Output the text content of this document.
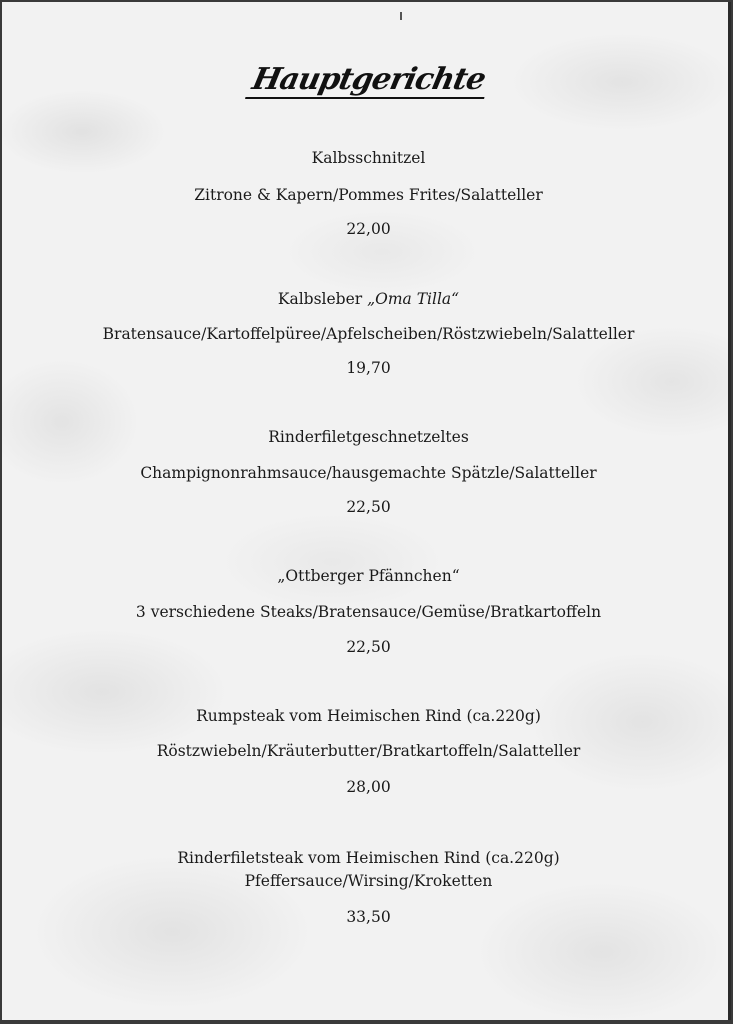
Hauptgerichte
Kalbsschnitzel
Zitrone & Kapern/Pommes Frites/Salatteller
22,00
Kalbsleber „Oma Tilla“
Bratensauce/Kartoffelpüree/Apfelscheiben/Röstzwiebeln/Salatteller
19,70
Rinderfiletgeschnetzeltes
Champignonrahmsauce/hausgemachte Spätzle/Salatteller
22,50
„Ottberger Pfännchen“
3 verschiedene Steaks/Bratensauce/Gemüse/Bratkartoffeln
22,50
Rumpsteak vom Heimischen Rind (ca.220g)
Röstzwiebeln/Kräuterbutter/Bratkartoffeln/Salatteller
28,00
Rinderfiletsteak vom Heimischen Rind (ca.220g)
Pfeffersauce/Wirsing/Kroketten
33,50
